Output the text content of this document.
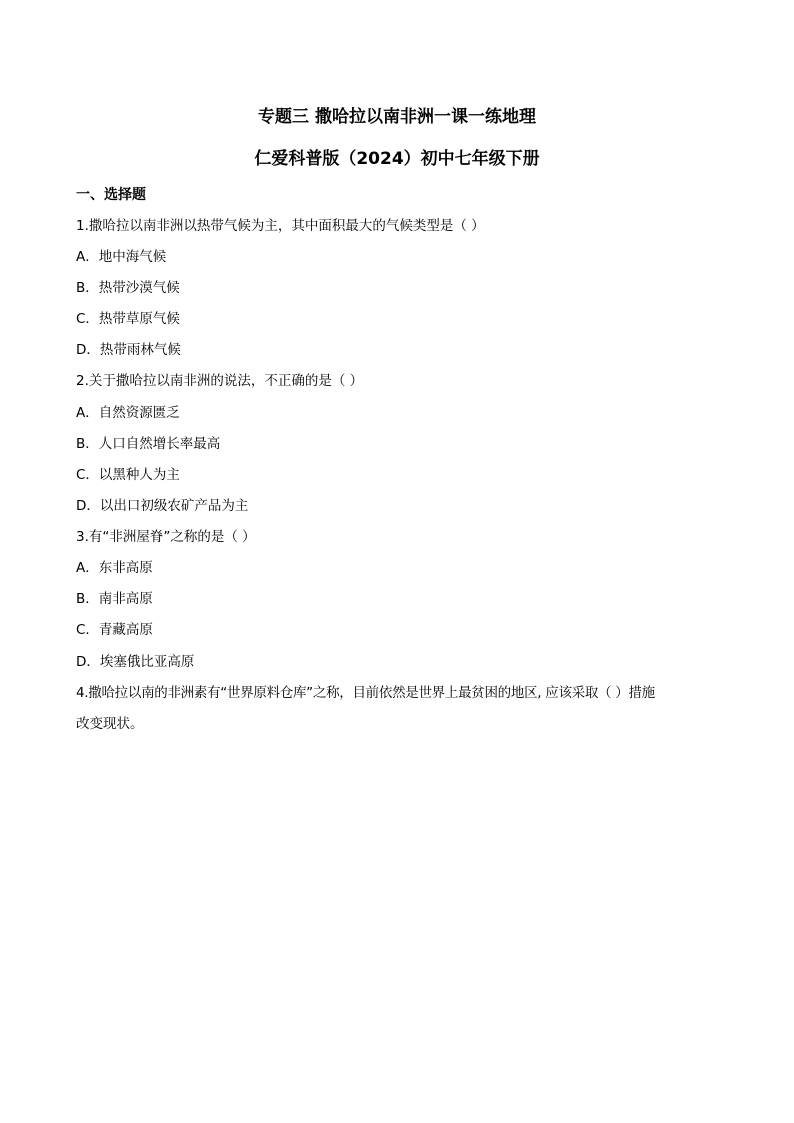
专题三 撒哈拉以南非洲一课一练地理
仁爱科普版（2024）初中七年级下册
一、选择题
1.撒哈拉以南非洲以热带气候为主，其中面积最大的气候类型是（ ）
A．地中海气候
B．热带沙漠气候
C．热带草原气候
D．热带雨林气候
2.关于撒哈拉以南非洲的说法，不正确的是（ ）
A．自然资源匮乏
B．人口自然增长率最高
C．以黑种人为主
D．以出口初级农矿产品为主
3.有“非洲屋脊”之称的是（ ）
A．东非高原
B．南非高原
C．青藏高原
D．埃塞俄比亚高原
4.撒哈拉以南的非洲素有“世界原料仓库”之称，目前依然是世界上最贫困的地区, 应该采取（ ）措施
改变现状。
